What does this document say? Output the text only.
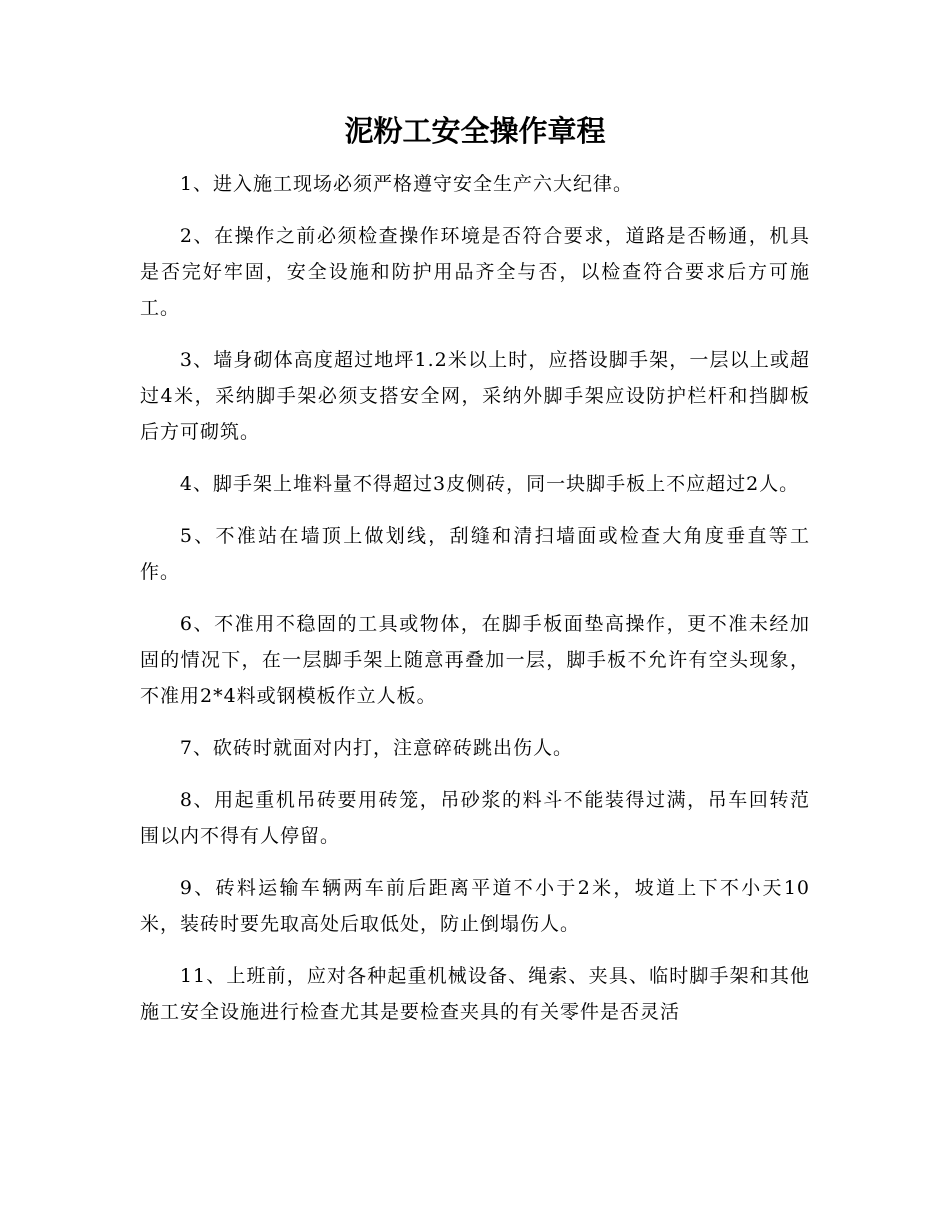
泥粉工安全操作章程

1、进入施工现场必须严格遵守安全生产六大纪律。

2、在操作之前必须检查操作环境是否符合要求，道路是否畅通，机具是否完好牢固，安全设施和防护用品齐全与否，以检查符合要求后方可施工。

3、墙身砌体高度超过地坪1.2米以上时，应搭设脚手架，一层以上或超过4米，采纳脚手架必须支搭安全网，采纳外脚手架应设防护栏杆和挡脚板后方可砌筑。

4、脚手架上堆料量不得超过3皮侧砖，同一块脚手板上不应超过2人。

5、不准站在墙顶上做划线，刮缝和清扫墙面或检查大角度垂直等工作。

6、不准用不稳固的工具或物体，在脚手板面垫高操作，更不准未经加固的情况下，在一层脚手架上随意再叠加一层，脚手板不允许有空头现象，不准用2*4料或钢模板作立人板。

7、砍砖时就面对内打，注意碎砖跳出伤人。

8、用起重机吊砖要用砖笼，吊砂浆的料斗不能装得过满，吊车回转范围以内不得有人停留。

9、砖料运输车辆两车前后距离平道不小于2米，坡道上下不小天10米，装砖时要先取高处后取低处，防止倒塌伤人。

11、上班前，应对各种起重机械设备、绳索、夹具、临时脚手架和其他施工安全设施进行检查尤其是要检查夹具的有关零件是否灵活
